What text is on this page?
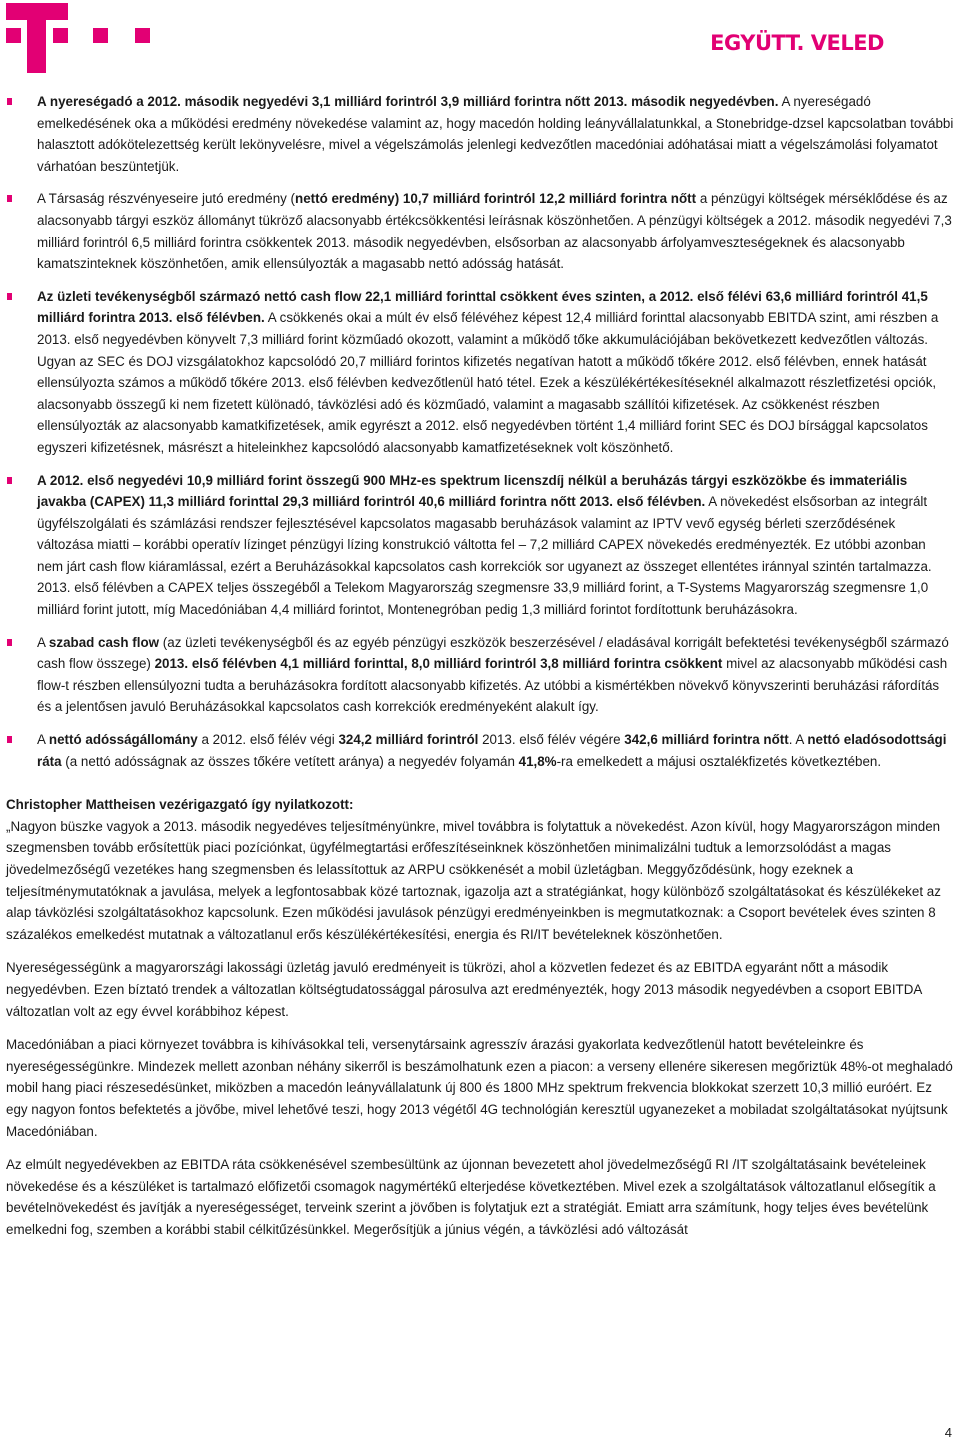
EGYÜTT. VELED
A nyereségadó a 2012. második negyedévi 3,1 milliárd forintról 3,9 milliárd forintra nőtt 2013. második negyedévben. A nyereségadó emelkedésének oka a működési eredmény növekedése valamint az, hogy macedón holding leányvállalatunkkal, a Stonebridge-dzsel kapcsolatban további halasztott adókötelezettség került lekönyvelésre, mivel a végelszámolás jelenlegi kedvezőtlen macedóniai adóhatásai miatt a végelszámolási folyamatot várhatóan beszüntetjük.
A Társaság részvényeseire jutó eredmény (nettó eredmény) 10,7 milliárd forintról 12,2 milliárd forintra nőtt a pénzügyi költségek mérséklődése és az alacsonyabb tárgyi eszköz állományt tükröző alacsonyabb értékcsökkentési leírásnak köszönhetően. A pénzügyi költségek a 2012. második negyedévi 7,3 milliárd forintról 6,5 milliárd forintra csökkentek 2013. második negyedévben, elsősorban az alacsonyabb árfolyamveszteségeknek és alacsonyabb kamatszinteknek köszönhetően, amik ellensúlyozták a magasabb nettó adósság hatását.
Az üzleti tevékenységből származó nettó cash flow 22,1 milliárd forinttal csökkent éves szinten, a 2012. első félévi 63,6 milliárd forintról 41,5 milliárd forintra 2013. első félévben. A csökkenés okai a múlt év első félévéhez képest 12,4 milliárd forinttal alacsonyabb EBITDA szint, ami részben a 2013. első negyedévben könyvelt 7,3 milliárd forint közműadó okozott, valamint a működő tőke akkumulációjában bekövetkezett kedvezőtlen változás. Ugyan az SEC és DOJ vizsgálatokhoz kapcsolódó 20,7 milliárd forintos kifizetés negatívan hatott a működő tőkére 2012. első félévben, ennek hatását ellensúlyozta számos a működő tőkére 2013. első félévben kedvezőtlenül ható tétel. Ezek a készülékértékesítéseknél alkalmazott részletfizetési opciók, alacsonyabb összegű ki nem fizetett különadó, távközlési adó és közműadó, valamint a magasabb szállítói kifizetések. Az csökkenést részben ellensúlyozták az alacsonyabb kamatkifizetések, amik egyrészt a 2012. első negyedévben történt 1,4 milliárd forint SEC és DOJ bírsággal kapcsolatos egyszeri kifizetésnek, másrészt a hiteleinkhez kapcsolódó alacsonyabb kamatfizetéseknek volt köszönhető.
A 2012. első negyedévi 10,9 milliárd forint összegű 900 MHz-es spektrum licenszdíj nélkül a beruházás tárgyi eszközökbe és immateriális javakba (CAPEX) 11,3 milliárd forinttal 29,3 milliárd forintról 40,6 milliárd forintra nőtt 2013. első félévben. A növekedést elsősorban az integrált ügyfélszolgálati és számlázási rendszer fejlesztésével kapcsolatos magasabb beruházások valamint az IPTV vevő egység bérleti szerződésének változása miatti – korábbi operatív lízinget pénzügyi lízing konstrukció váltotta fel – 7,2 milliárd CAPEX növekedés eredményezték. Ez utóbbi azonban nem járt cash flow kiáramlással, ezért a Beruházásokkal kapcsolatos cash korrekciók sor ugyanezt az összeget ellentétes iránnyal szintén tartalmazza. 2013. első félévben a CAPEX teljes összegéből a Telekom Magyarország szegmensre 33,9 milliárd forint, a T-Systems Magyarország szegmensre 1,0 milliárd forint jutott, míg Macedóniában 4,4 milliárd forintot, Montenegróban pedig 1,3 milliárd forintot fordítottunk beruházásokra.
A szabad cash flow (az üzleti tevékenységből és az egyéb pénzügyi eszközök beszerzésével / eladásával korrigált befektetési tevékenységből származó cash flow összege) 2013. első félévben 4,1 milliárd forinttal, 8,0 milliárd forintról 3,8 milliárd forintra csökkent mivel az alacsonyabb működési cash flow-t részben ellensúlyozni tudta a beruházásokra fordított alacsonyabb kifizetés. Az utóbbi a kismértékben növekvő könyvszerinti beruházási ráfordítás és a jelentősen javuló Beruházásokkal kapcsolatos cash korrekciók eredményeként alakult így.
A nettó adósságállomány a 2012. első félév végi 324,2 milliárd forintról 2013. első félév végére 342,6 milliárd forintra nőtt. A nettó eladósodottsági ráta (a nettó adósságnak az összes tőkére vetített aránya) a negyedév folyamán 41,8%-ra emelkedett a májusi osztalékfizetés következtében.
Christopher Mattheisen vezérigazgató így nyilatkozott:

„Nagyon büszke vagyok a 2013. második negyedéves teljesítményünkre, mivel továbbra is folytattuk a növekedést. Azon kívül, hogy Magyarországon minden szegmensben tovább erősítettük piaci pozíciónkat, ügyfélmegtartási erőfeszítéseinknek köszönhetően minimalizálni tudtuk a lemorzsolódást a magas jövedelmezőségű vezetékes hang szegmensben és lelassítottuk az ARPU csökkenését a mobil üzletágban. Meggyőződésünk, hogy ezeknek a teljesítménymutatóknak a javulása, melyek a legfontosabbak közé tartoznak, igazolja azt a stratégiánkat, hogy különböző szolgáltatásokat és készülékeket az alap távközlési szolgáltatásokhoz kapcsolunk. Ezen működési javulások pénzügyi eredményeinkben is megmutatkoznak: a Csoport bevételek éves szinten 8 százalékos emelkedést mutatnak a változatlanul erős készülékértékesítési, energia és RI/IT bevételeknek köszönhetően.

Nyereségességünk a magyarországi lakossági üzletág javuló eredményeit is tükrözi, ahol a közvetlen fedezet és az EBITDA egyaránt nőtt a második negyedévben. Ezen bíztató trendek a változatlan költségtudatossággal párosulva azt eredményezték, hogy 2013 második negyedévben a csoport EBITDA változatlan volt az egy évvel korábbihoz képest.

Macedóniában a piaci környezet továbbra is kihívásokkal teli, versenytársaink agresszív árazási gyakorlata kedvezőtlenül hatott bevételeinkre és nyereségességünkre. Mindezek mellett azonban néhány sikerről is beszámolhatunk ezen a piacon: a verseny ellenére sikeresen megőriztük 48%-ot meghaladó mobil hang piaci részesedésünket, miközben a macedón leányvállalatunk új 800 és 1800 MHz spektrum frekvencia blokkokat szerzett 10,3 millió euróért. Ez egy nagyon fontos befektetés a jövőbe, mivel lehetővé teszi, hogy 2013 végétől 4G technológián keresztül ugyanezeket a mobiladat szolgáltatásokat nyújtsunk Macedóniában.

Az elmúlt negyedévekben az EBITDA ráta csökkenésével szembesültünk az újonnan bevezetett ahol jövedelmezőségű RI /IT szolgáltatásaink bevételeinek növekedése és a készüléket is tartalmazó előfizetői csomagok nagymértékű elterjedése következtében. Mivel ezek a szolgáltatások változatlanul elősegítik a bevételnövekedést és javítják a nyereségességet, terveink szerint a jövőben is folytatjuk ezt a stratégiát. Emiatt arra számítunk, hogy teljes éves bevételünk emelkedni fog, szemben a korábbi stabil célkitűzésünkkel. Megerősítjük a június végén, a távközlési adó változását

4
